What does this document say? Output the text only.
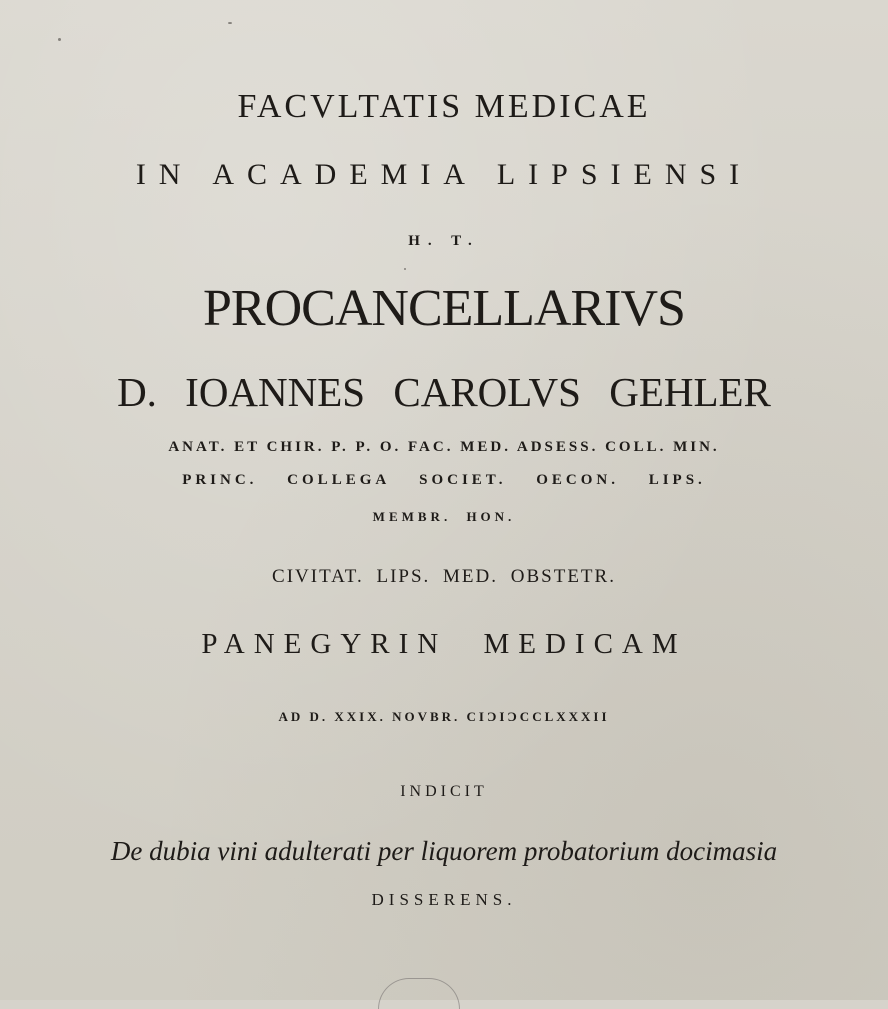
FACVLTATIS MEDICAE
IN ACADEMIA LIPSIENSI
H. T.
PROCANCELLARIVS
D. IOANNES CAROLVS GEHLER
ANAT. ET CHIR. P. P. O. FAC. MED. ADSESS. COLL. MIN.
PRINC. COLLEGA SOCIET. OECON. LIPS.
MEMBR. HON.
CIVITAT. LIPS. MED. OBSTETR.
PANEGYRIN MEDICAM
AD D. XXIX. NOVBR. CIƆIƆCCLXXXII
INDICIT
De dubia vini adulterati per liquorem probatorium docimasia
DISSERENS.
